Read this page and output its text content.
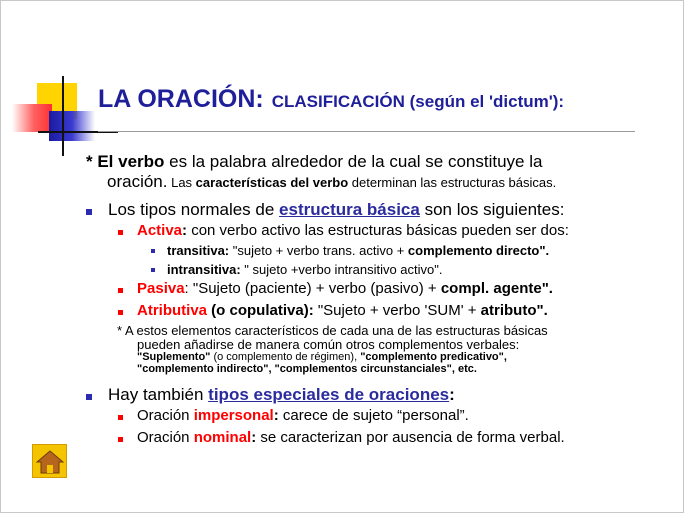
LA ORACIÓN: CLASIFICACIÓN (según el 'dictum'):
* El verbo es la palabra alrededor de la cual se constituye la
oración. Las características del verbo determinan las estructuras básicas.
Los tipos normales de estructura básica son los siguientes:
Activa: con verbo activo las estructuras básicas pueden ser dos:
transitiva: "sujeto + verbo trans. activo + complemento directo".
intransitiva: " sujeto +verbo intransitivo activo".
Pasiva: "Sujeto (paciente) + verbo (pasivo) + compl. agente".
Atributiva (o copulativa): "Sujeto + verbo 'SUM' + atributo".
* A estos elementos característicos de cada una de las estructuras básicas
pueden añadirse de manera común otros complementos verbales:
"Suplemento" (o complemento de régimen), "complemento predicativo",
"complemento indirecto", "complementos circunstanciales", etc.
Hay también tipos especiales de oraciones:
Oración impersonal: carece de sujeto “personal”.
Oración nominal: se caracterizan por ausencia de forma verbal.
